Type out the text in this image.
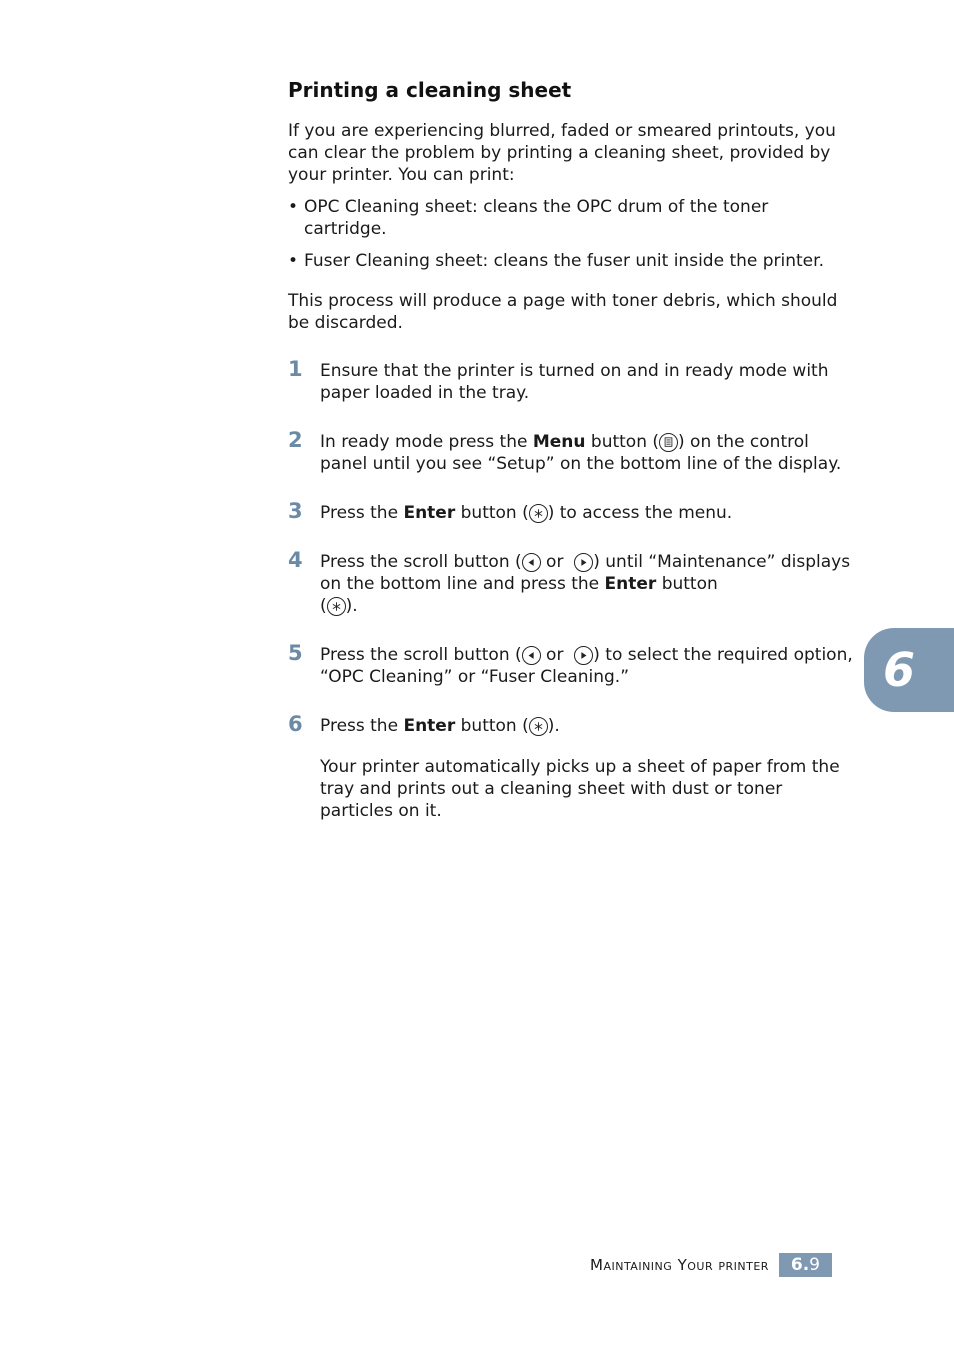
Printing a cleaning sheet

If you are experiencing blurred, faded or smeared printouts, you can clear the problem by printing a cleaning sheet, provided by your printer. You can print:

• OPC Cleaning sheet: cleans the OPC drum of the toner cartridge.
• Fuser Cleaning sheet: cleans the fuser unit inside the printer.

This process will produce a page with toner debris, which should be discarded.

1 Ensure that the printer is turned on and in ready mode with paper loaded in the tray.
2 In ready mode press the Menu button ( ) on the control panel until you see “Setup” on the bottom line of the display.
3 Press the Enter button ( ) to access the menu.
4 Press the scroll button (
or
) until “Maintenance” displays on the bottom line and press the Enter button
( ).
5 Press the scroll button (
or
) to select the required option, “OPC Cleaning” or “Fuser Cleaning.”
6 Press the Enter button ( ).

Your printer automatically picks up a sheet of paper from the tray and prints out a cleaning sheet with dust or toner particles on it.

6
Maintaining Your printer	6.9
